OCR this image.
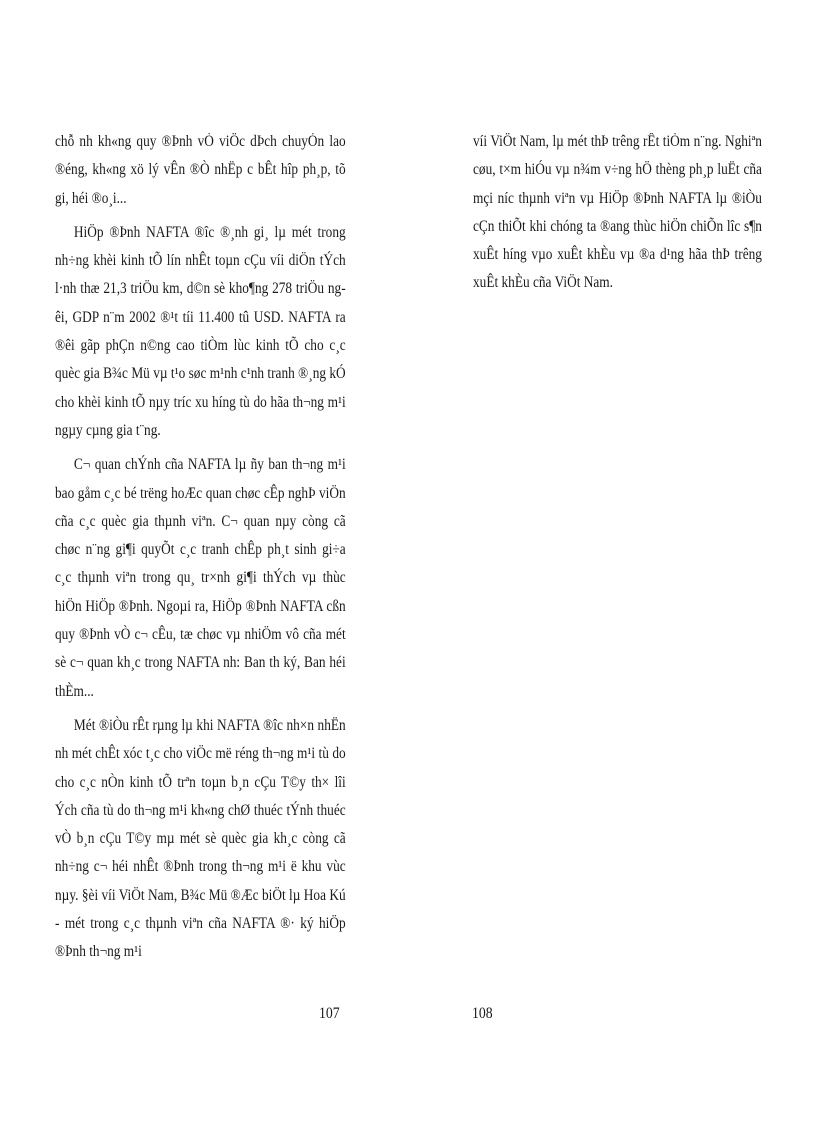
chỗ nh kh«ng quy ®Þnh vÒ viÖc dÞch chuyÓn lao ®éng, kh«ng xö lý vÊn ®Ò nhËp c bÊt hîp ph¸p, tõ gi, héi ®o¸i...

HiÖp ®Þnh NAFTA ®îc ®¸nh gi¸ lµ mét trong nh÷ng khèi kinh tÕ lín nhÊt toµn cÇu víi diÖn tÝch l·nh thæ 21,3 triÖu km, d©n sè kho¶ng 278 triÖu ngêi, GDP n¨m 2002 ®¹t tíi 11.400 tû USD. NAFTA ra ®êi gãp phÇn n©ng cao tiÒm lùc kinh tÕ cho c¸c quèc gia B¾c Mü vµ t¹o søc m¹nh c¹nh tranh ®¸ng kÓ cho khèi kinh tÕ nµy tríc xu híng tù do hãa th¬ng m¹i ngµy cµng gia t¨ng.

C¬ quan chÝnh cña NAFTA lµ ñy ban th¬ng m¹i bao gåm c¸c bé trëng hoÆc quan chøc cÊp nghÞ viÖn cña c¸c quèc gia thµnh viªn. C¬ quan nµy còng cã chøc n¨ng gi¶i quyÕt c¸c tranh chÊp ph¸t sinh gi÷a c¸c thµnh viªn trong qu¸ tr×nh gi¶i thÝch vµ thùc hiÖn HiÖp ®Þnh. Ngoµi ra, HiÖp ®Þnh NAFTA cßn quy ®Þnh vÒ c¬ cÊu, tæ chøc vµ nhiÖm vô cña mét sè c¬ quan kh¸c trong NAFTA nh: Ban th ký, Ban héi thÈm...

Mét ®iÒu rÊt rµng lµ khi NAFTA ®îc nh×n nhËn nh mét chÊt xóc t¸c cho viÖc më réng th¬ng m¹i tù do cho c¸c nÒn kinh tÕ trªn toµn b¸n cÇu T©y th× lîi Ých cña tù do th¬ng m¹i kh«ng chØ thuéc tÝnh thuéc vÒ b¸n cÇu T©y mµ mét sè quèc gia kh¸c còng cã nh÷ng c¬ héi nhÊt ®Þnh trong th¬ng m¹i ë khu vùc nµy. §èi víi ViÖt Nam, B¾c Mü ®Æc biÖt lµ Hoa Kú - mét trong c¸c thµnh viªn cña NAFTA ®· ký hiÖp ®Þnh th¬ng m¹i

víi ViÖt Nam, lµ mét thÞ trêng rÊt tiÒm n¨ng. Nghiªn cøu, t×m hiÓu vµ n¾m v÷ng hÖ thèng ph¸p luËt cña mçi níc thµnh viªn vµ HiÖp ®Þnh NAFTA lµ ®iÒu cÇn thiÕt khi chóng ta ®ang thùc hiÖn chiÕn lîc s¶n xuÊt híng vµo xuÊt khÈu vµ ®a d¹ng hãa thÞ trêng xuÊt khÈu cña ViÖt Nam.

107	108
